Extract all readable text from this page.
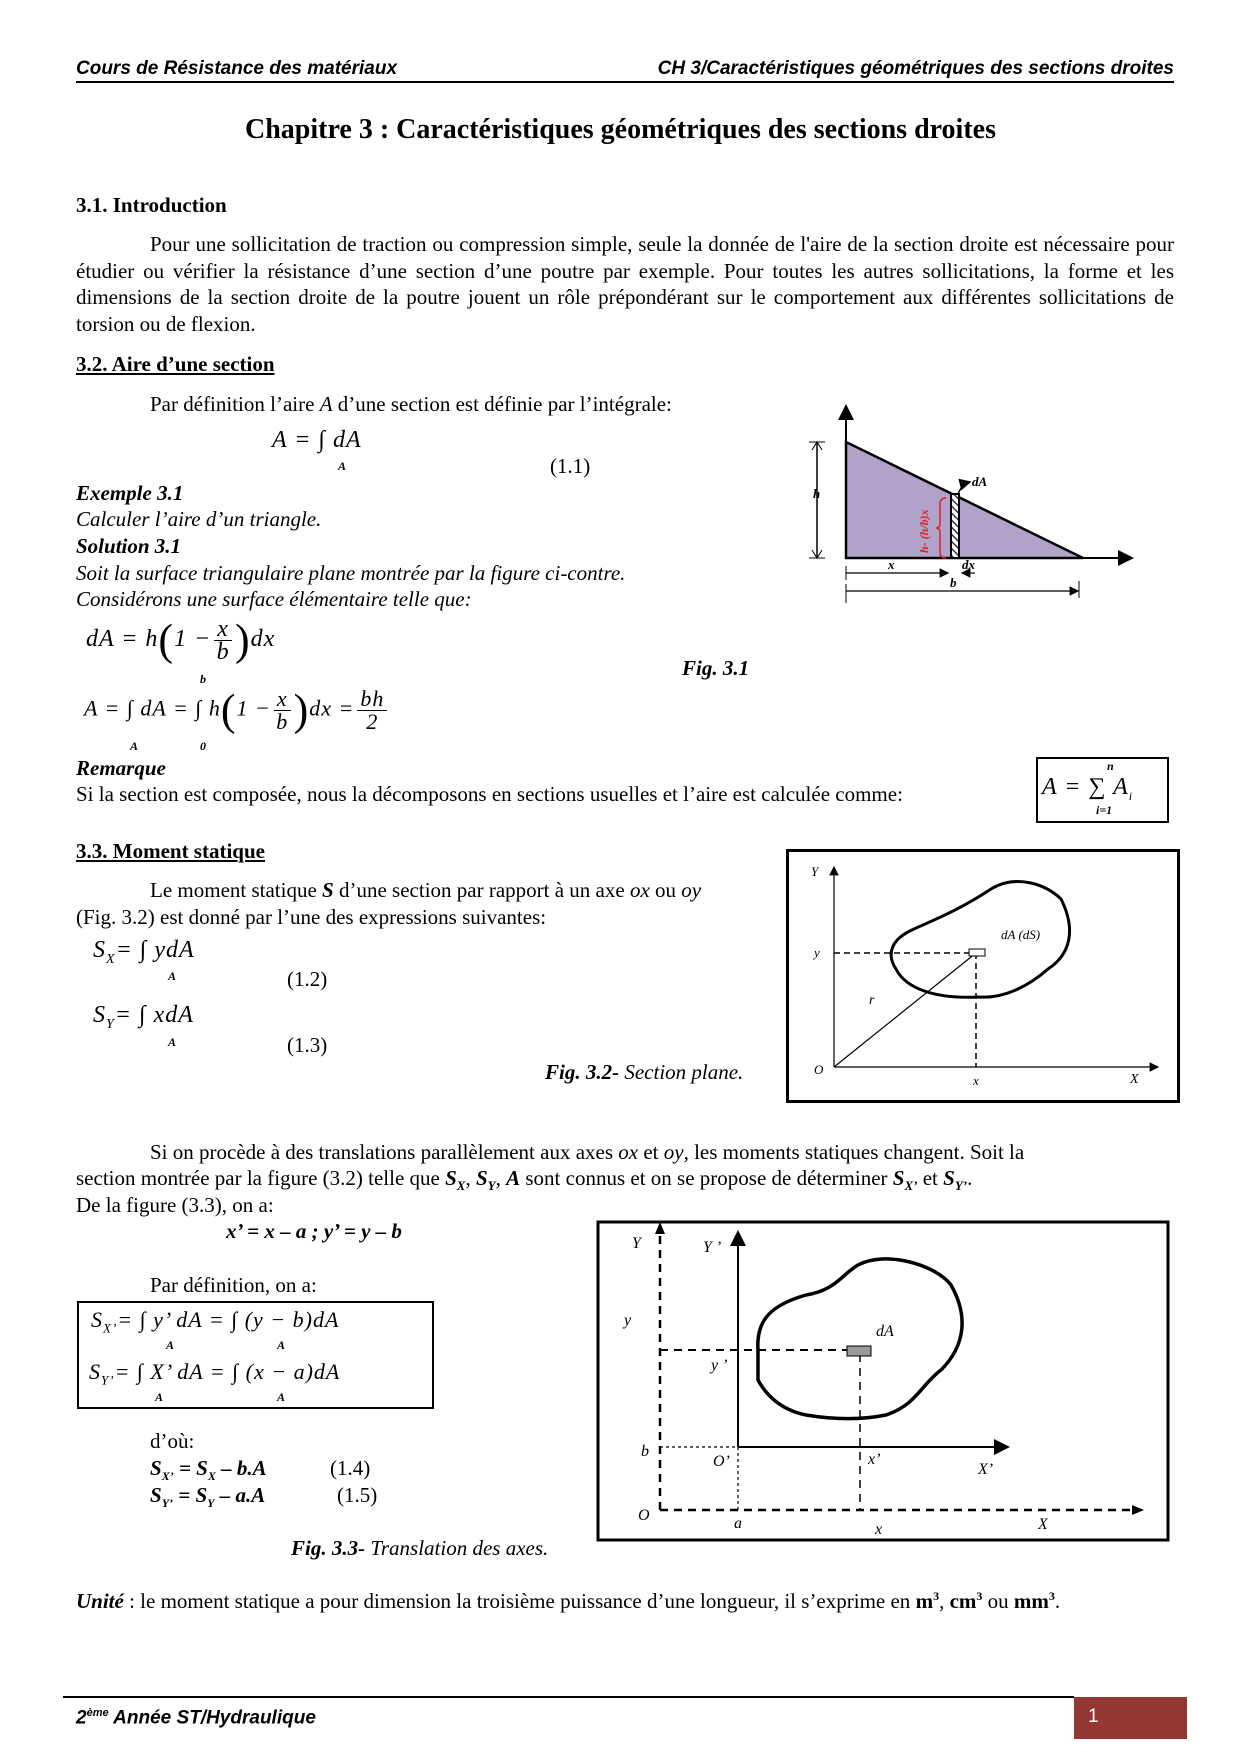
Cours de Résistance des matériaux	CH 3/Caractéristiques géométriques des sections droites
Chapitre 3 : Caractéristiques géométriques des sections droites
3.1. Introduction
Pour une sollicitation de traction ou compression simple, seule la donnée de l'aire de la section droite est nécessaire pour étudier ou vérifier la résistance d’une section d’une poutre par exemple. Pour toutes les autres sollicitations, la forme et les dimensions de la section droite de la poutre jouent un rôle prépondérant sur le comportement aux différentes sollicitations de torsion ou de flexion.
3.2. Aire d’une section
Par définition l’aire A d’une section est définie par l’intégrale:
A = ∫ dA
A	(1.1)
Exemple 3.1
Calculer l’aire d’un triangle.
Solution 3.1
Soit la surface triangulaire plane montrée par la figure ci-contre.
Considérons une surface élémentaire telle que:
dA = $h(1 - \frac{x}{b} )dx$
A = ∫ dA = ∫ $h(1 - \frac{x}{b} )dx = \frac{bh}{2}$
A	0
b	Fig. 3.1
h
h- (h/b)x
dA
x	dx
b
Remarque
Si la section est composée, nous la décomposons en sections usuelles et l’aire est calculée comme:	A = ∑ $A_i$
n
i=1
3.3. Moment statique
Le moment statique S d’une section par rapport à un axe ox ou oy
(Fig. 3.2) est donné par l’une des expressions suivantes:
$S_X=$ ∫ ydA
A	(1.2)
$S_Y=$ ∫ xdA
A	(1.3)
Fig. 3.2- Section plane.
Y
y
r
dA (dS)
O
x	X
Si on procède à des translations parallèlement aux axes ox et oy, les moments statiques changent. Soit la
section montrée par la figure (3.2) telle que $S_X$, $S_Y$, A sont connus et on se propose de déterminer $S_{X’}$ et $S_{Y’}$.
De la figure (3.3), on a:
x’ = x – a ; y’ = y – b
Par définition, on a:
$S_{X’}=$ ∫ y’ dA = ∫ (y − b)dA
A	A
$S_{Y’}=$ ∫ X’ dA = ∫ (x − a)dA
A	A
d’où:
$S_{X’} = S_X - b.A$	(1.4)
$S_{Y’} = S_Y - a.A$	(1.5)
Fig. 3.3- Translation des axes.
Y	Y ’
y
y ’
dA
b
O’	x’
X’
O	a	x	X
Unité : le moment statique a pour dimension la troisième puissance d’une longueur, il s’exprime en $m^3$, $cm^3$ ou $mm^3$.
2ème Année ST/Hydraulique	1
